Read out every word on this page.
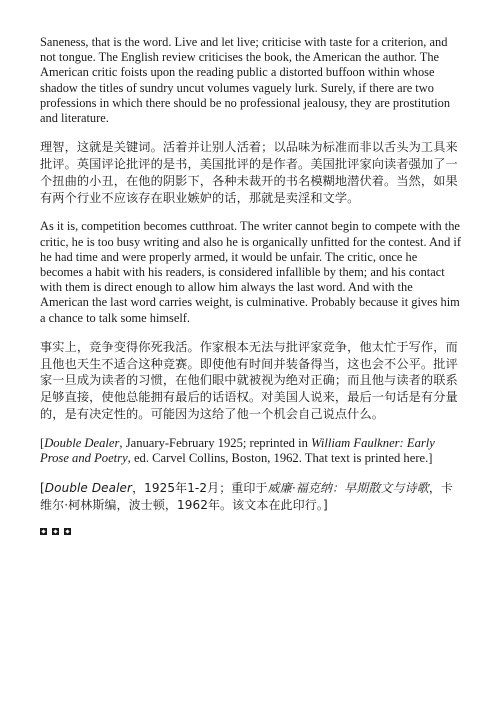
Saneness, that is the word. Live and let live; criticise with taste for a criterion, and not tongue. The English review criticises the book, the American the author. The American critic foists upon the reading public a distorted buffoon within whose shadow the titles of sundry uncut volumes vaguely lurk. Surely, if there are two professions in which there should be no professional jealousy, they are prostitution and literature.

理智，这就是关键词。活着并让别人活着；以品味为标准而非以舌头为工具来批评。英国评论批评的是书，美国批评的是作者。美国批评家向读者强加了一个扭曲的小丑，在他的阴影下，各种未裁开的书名模糊地潜伏着。当然，如果有两个行业不应该存在职业嫉妒的话，那就是卖淫和文学。

As it is, competition becomes cutthroat. The writer cannot begin to compete with the critic, he is too busy writing and also he is organically unfitted for the contest. And if he had time and were properly armed, it would be unfair. The critic, once he becomes a habit with his readers, is considered infallible by them; and his contact with them is direct enough to allow him always the last word. And with the American the last word carries weight, is culminative. Probably because it gives him a chance to talk some himself.

事实上，竞争变得你死我活。作家根本无法与批评家竞争，他太忙于写作，而且他也天生不适合这种竞赛。即使他有时间并装备得当，这也会不公平。批评家一旦成为读者的习惯，在他们眼中就被视为绝对正确；而且他与读者的联系足够直接，使他总能拥有最后的话语权。对美国人说来，最后一句话是有分量的，是有决定性的。可能因为这给了他一个机会自己说点什么。

[Double Dealer, January-February 1925; reprinted in William Faulkner: Early Prose and Poetry, ed. Carvel Collins, Boston, 1962. That text is printed here.]

[Double Dealer，1925年1-2月；重印于威廉·福克纳：早期散文与诗歌，卡维尔·柯林斯编，波士顿，1962年。该文本在此印行。]
